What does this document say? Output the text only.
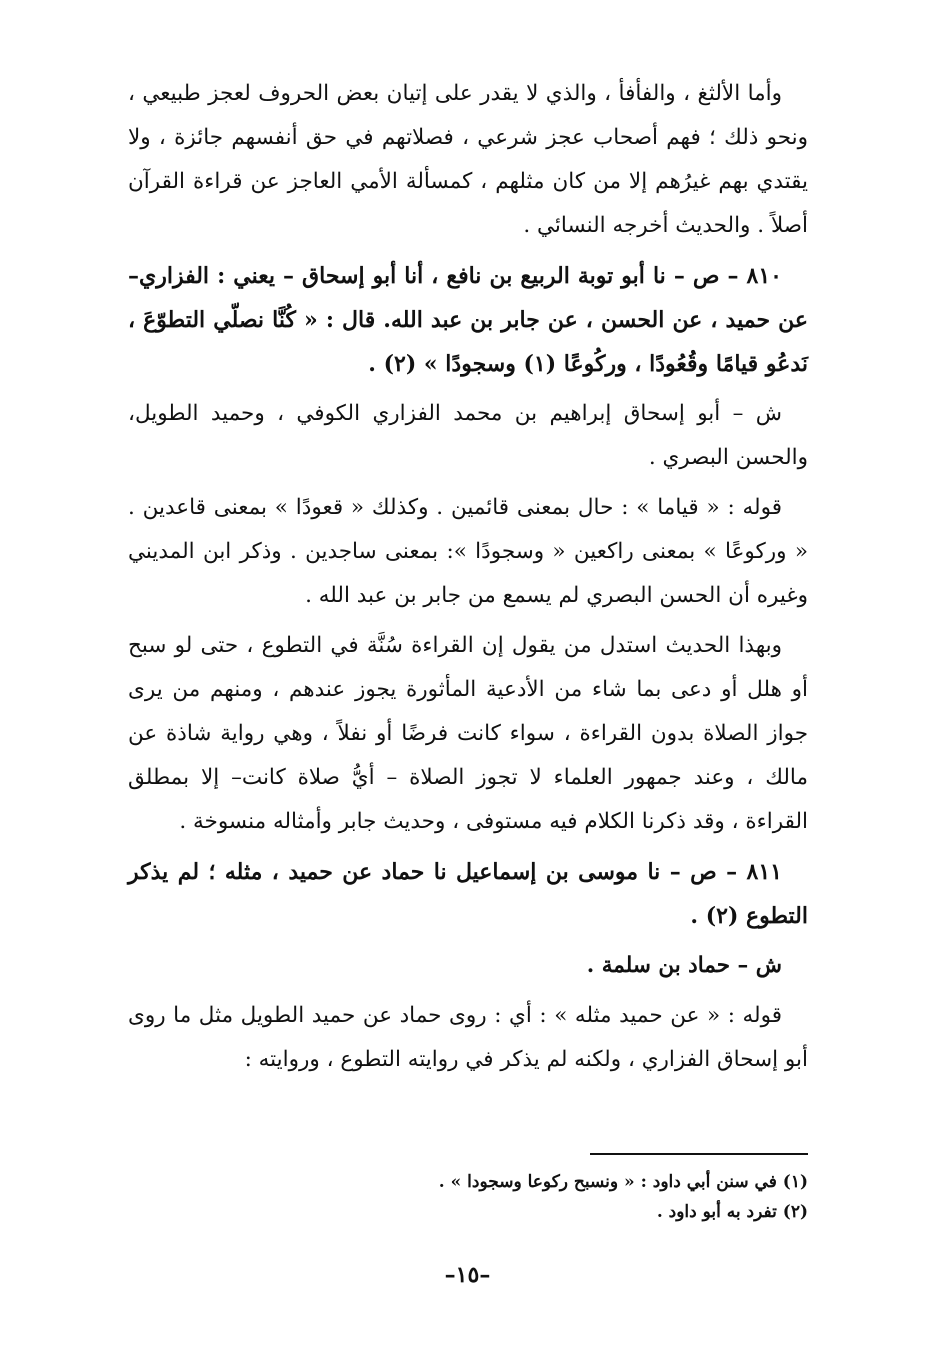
وأما الألثغ ، والفأفأ ، والذي لا يقدر على إتيان بعض الحروف لعجز طبيعي ، ونحو ذلك ؛ فهم أصحاب عجز شرعي ، فصلاتهم في حق أنفسهم جائزة ، ولا يقتدي بهم غيرُهم إلا من كان مثلهم ، كمسألة الأمي العاجز عن قراءة القرآن أصلاً . والحديث أخرجه النسائي .

٨١٠ – ص – نا أبو توبة الربيع بن نافع ، أنا أبو إسحاق – يعني : الفزاري– عن حميد ، عن الحسن ، عن جابر بن عبد الله. قال : « كُنَّا نصلّي التطوّعَ ، نَدعُو قيامًا وقُعُودًا ، وركُوعًا (١) وسجودًا » (٢) .

ش – أبو إسحاق إبراهيم بن محمد الفزاري الكوفي ، وحميد الطويل، والحسن البصري .

قوله : « قياما » : حال بمعنى قائمين . وكذلك « قعودًا » بمعنى قاعدين . « وركوعًا » بمعنى راكعين « وسجودًا »: بمعنى ساجدين . وذكر ابن المديني وغيره أن الحسن البصري لم يسمع من جابر بن عبد الله .

وبهذا الحديث استدل من يقول إن القراءة سُنَّة في التطوع ، حتى لو سبح أو هلل أو دعى بما شاء من الأدعية المأثورة يجوز عندهم ، ومنهم من يرى جواز الصلاة بدون القراءة ، سواء كانت فرضًا أو نفلاً ، وهي رواية شاذة عن مالك ، وعند جمهور العلماء لا تجوز الصلاة – أيُّ صلاة كانت– إلا بمطلق القراءة ، وقد ذكرنا الكلام فيه مستوفى ، وحديث جابر وأمثاله منسوخة .

٨١١ – ص – نا موسى بن إسماعيل نا حماد عن حميد ، مثله ؛ لم يذكر التطوع (٢) .

ش – حماد بن سلمة .

قوله : « عن حميد مثله » : أي : روى حماد عن حميد الطويل مثل ما روى أبو إسحاق الفزاري ، ولكنه لم يذكر في روايته التطوع ، وروايته :

(١) في سنن أبي داود : « ونسبح ركوعا وسجودا » .

(٢) تفرد به أبو داود .

–١٥–
